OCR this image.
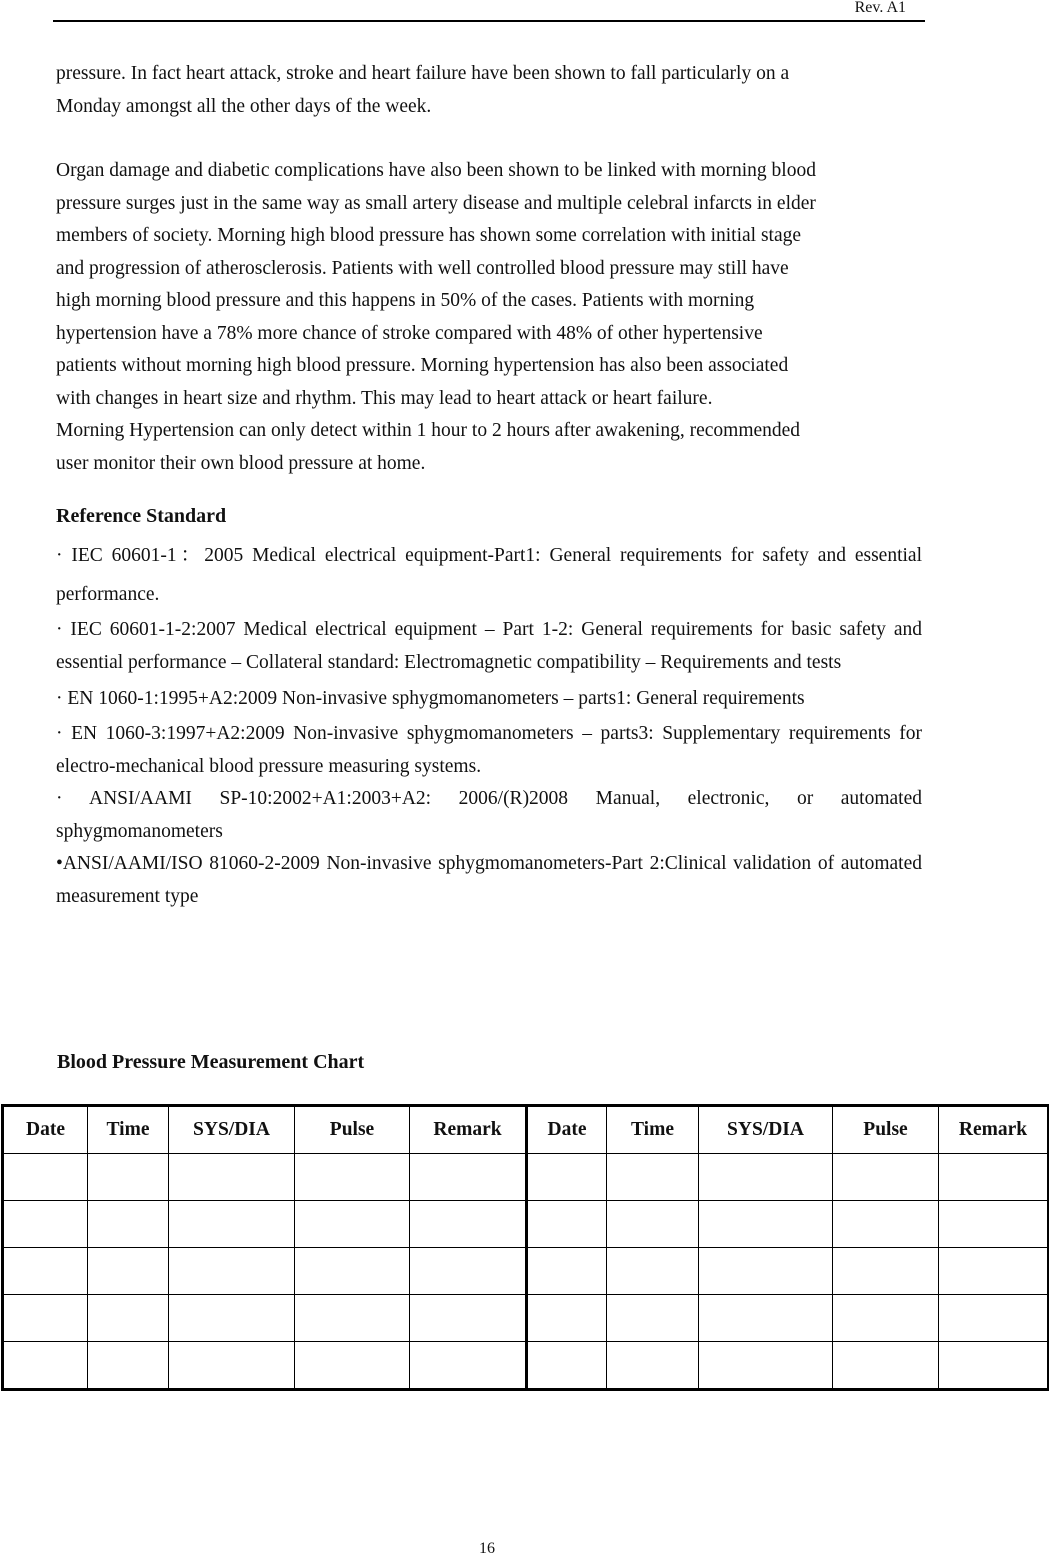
Rev. A1

pressure. In fact heart attack, stroke and heart failure have been shown to fall particularly on a

Monday amongst all the other days of the week.

Organ damage and diabetic complications have also been shown to be linked with morning blood

pressure surges just in the same way as small artery disease and multiple celebral infarcts in elder

members of society. Morning high blood pressure has shown some correlation with initial stage

and progression of atherosclerosis. Patients with well controlled blood pressure may still have

high morning blood pressure and this happens in 50% of the cases. Patients with morning

hypertension have a 78% more chance of stroke compared with 48% of other hypertensive

patients without morning high blood pressure. Morning hypertension has also been associated

with changes in heart size and rhythm. This may lead to heart attack or heart failure.

Morning Hypertension can only detect within 1 hour to 2 hours after awakening, recommended

user monitor their own blood pressure at home.

Reference Standard

· IEC 60601-1：2005 Medical electrical equipment-Part1: General requirements for safety and essential performance.

· IEC 60601-1-2:2007 Medical electrical equipment – Part 1-2: General requirements for basic safety and essential performance – Collateral standard: Electromagnetic compatibility – Requirements and tests

· EN 1060-1:1995+A2:2009 Non-invasive sphygmomanometers – parts1: General requirements

· EN 1060-3:1997+A2:2009 Non-invasive sphygmomanometers – parts3: Supplementary requirements for electro-mechanical blood pressure measuring systems.

· ANSI/AAMI SP-10:2002+A1:2003+A2: 2006/(R)2008 Manual, electronic, or automated sphygmomanometers

•ANSI/AAMI/ISO 81060-2-2009 Non-invasive sphygmomanometers-Part 2:Clinical validation of automated measurement type

Blood Pressure Measurement Chart
Date	Time	SYS/DIA	Pulse	Remark	Date	Time	SYS/DIA	Pulse	Remark

16
